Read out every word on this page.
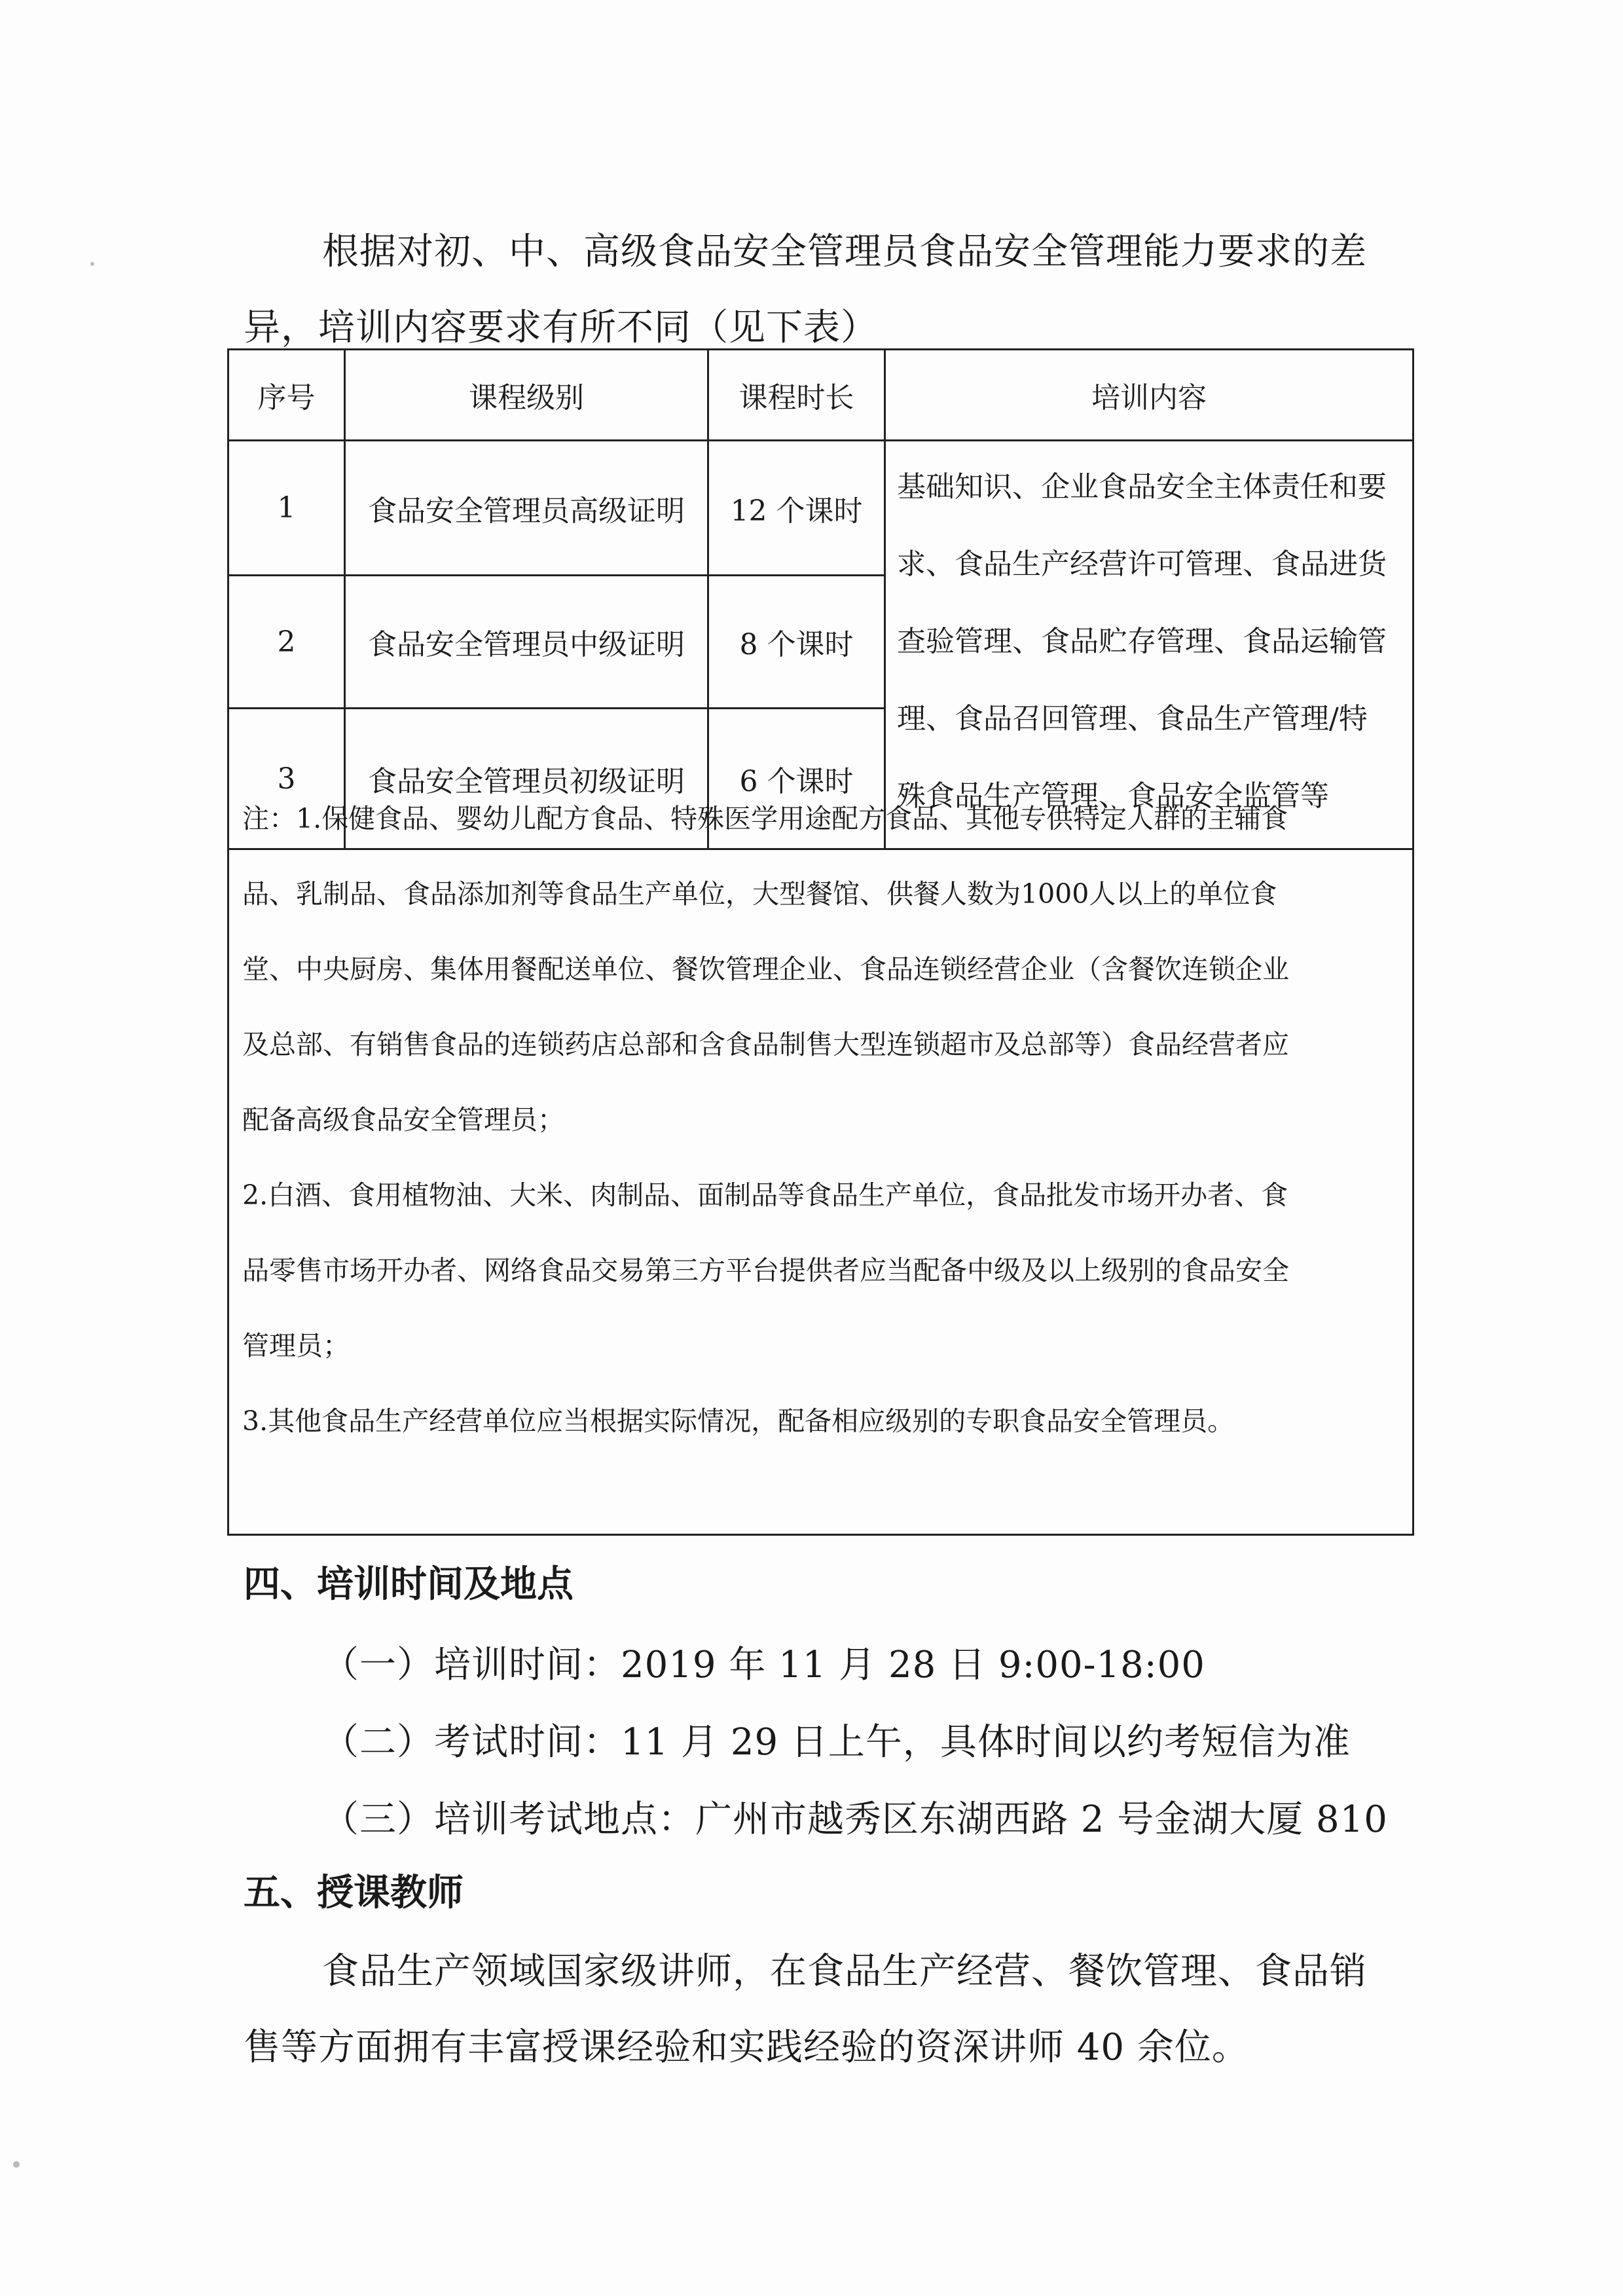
根据对初、中、高级食品安全管理员食品安全管理能力要求的差
异，培训内容要求有所不同（见下表）
序号	课程级别	课程时长	培训内容
1	食品安全管理员高级证明	12 个课时
2	食品安全管理员中级证明	8 个课时
3	食品安全管理员初级证明	6 个课时
基础知识、企业食品安全主体责任和要
求、食品生产经营许可管理、食品进货
查验管理、食品贮存管理、食品运输管
理、食品召回管理、食品生产管理/特
殊食品生产管理、食品安全监管等
注：1.保健食品、婴幼儿配方食品、特殊医学用途配方食品、其他专供特定人群的主辅食
品、乳制品、食品添加剂等食品生产单位，大型餐馆、供餐人数为1000人以上的单位食
堂、中央厨房、集体用餐配送单位、餐饮管理企业、食品连锁经营企业（含餐饮连锁企业
及总部、有销售食品的连锁药店总部和含食品制售大型连锁超市及总部等）食品经营者应
配备高级食品安全管理员；
2.白酒、食用植物油、大米、肉制品、面制品等食品生产单位，食品批发市场开办者、食
品零售市场开办者、网络食品交易第三方平台提供者应当配备中级及以上级别的食品安全
管理员；
3.其他食品生产经营单位应当根据实际情况，配备相应级别的专职食品安全管理员。
四、培训时间及地点
（一）培训时间：2019 年 11 月 28 日 9:00-18:00
（二）考试时间：11 月 29 日上午，具体时间以约考短信为准
（三）培训考试地点：广州市越秀区东湖西路 2 号金湖大厦 810
五、授课教师
食品生产领域国家级讲师，在食品生产经营、餐饮管理、食品销
售等方面拥有丰富授课经验和实践经验的资深讲师 40 余位。
